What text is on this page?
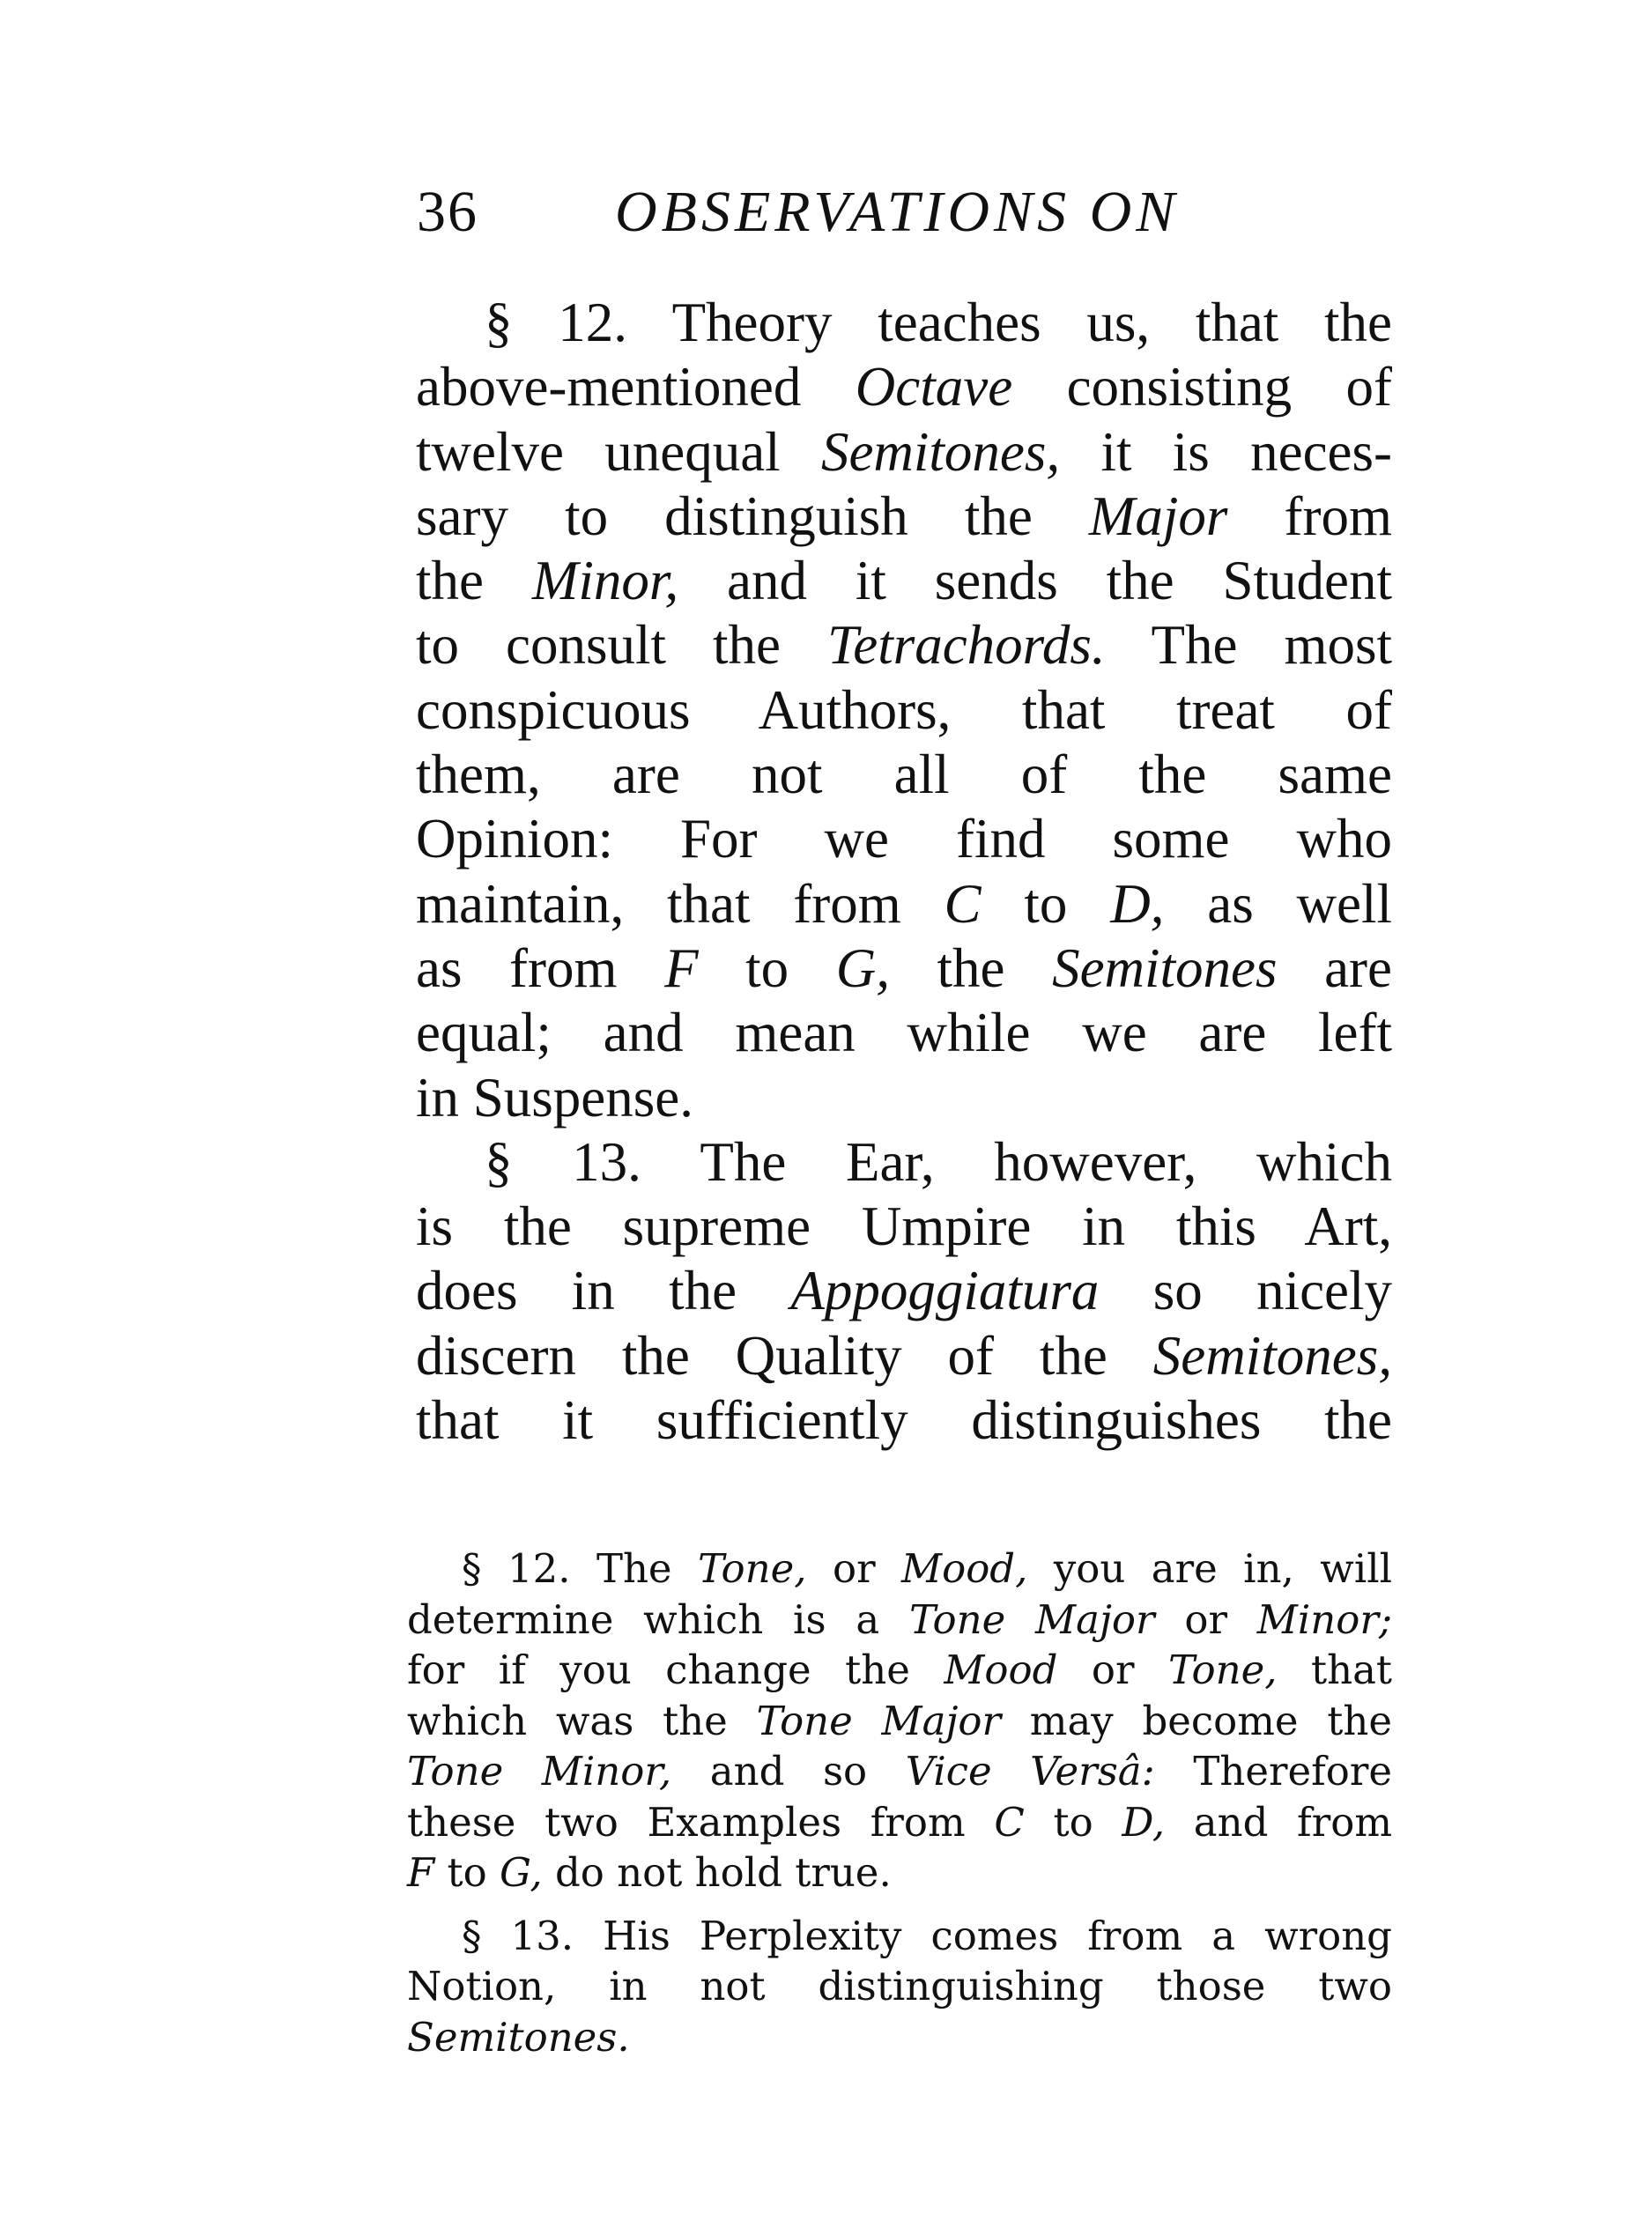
36 OBSERVATIONS ON
§ 12. Theory teaches us, that the
above-mentioned Octave consisting of
twelve unequal Semitones, it is neces-
sary to distinguish the Major from
the Minor, and it sends the Student
to consult the Tetrachords. The most
conspicuous Authors, that treat of
them, are not all of the same
Opinion: For we find some who
maintain, that from C to D, as well
as from F to G, the Semitones are
equal; and mean while we are left
in Suspense.
§ 13. The Ear, however, which
is the supreme Umpire in this Art,
does in the Appoggiatura so nicely
discern the Quality of the Semitones,
that it sufficiently distinguishes the
§ 12. The Tone, or Mood, you are in, will
determine which is a Tone Major or Minor;
for if you change the Mood or Tone, that
which was the Tone Major may become the
Tone Minor, and so Vice Versâ: Therefore
these two Examples from C to D, and from
F to G, do not hold true.
§ 13. His Perplexity comes from a wrong
Notion, in not distinguishing those two
Semitones.
